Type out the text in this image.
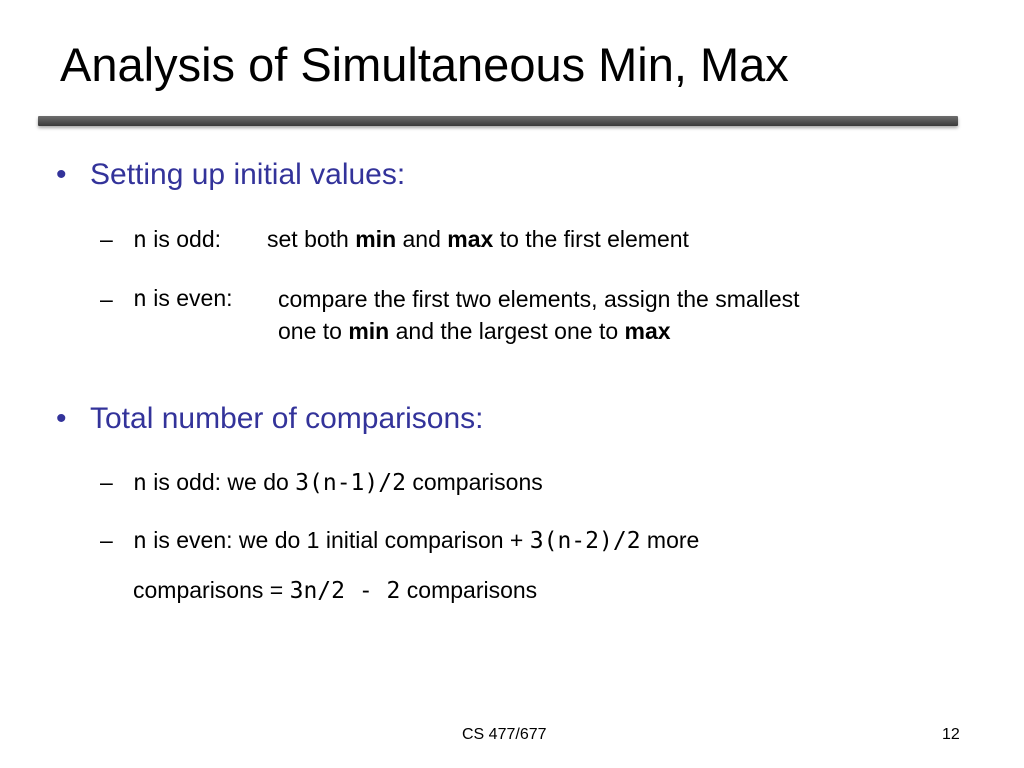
Analysis of Simultaneous Min, Max
• Setting up initial values:
– n is odd: set both min and max to the first element
– n is even: compare the first two elements, assign the smallest
one to min and the largest one to max
• Total number of comparisons:
– n is odd: we do 3(n-1)/2 comparisons
– n is even: we do 1 initial comparison + 3(n-2)/2 more
comparisons = 3n/2 - 2 comparisons
CS 477/677	12
